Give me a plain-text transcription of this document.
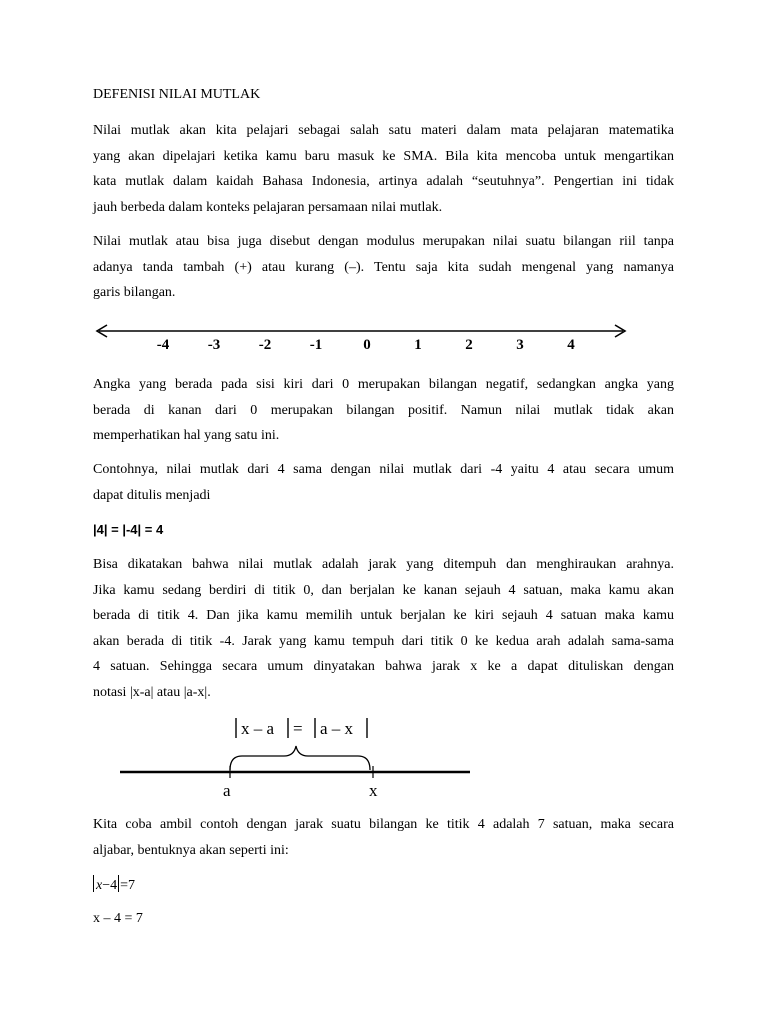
DEFENISI NILAI MUTLAK

Nilai mutlak akan kita pelajari sebagai salah satu materi dalam mata pelajaran matematika
yang akan dipelajari ketika kamu baru masuk ke SMA. Bila kita mencoba untuk mengartikan
kata mutlak dalam kaidah Bahasa Indonesia, artinya adalah “seutuhnya”. Pengertian ini tidak
jauh berbeda dalam konteks pelajaran persamaan nilai mutlak.

Nilai mutlak atau bisa juga disebut dengan modulus merupakan nilai suatu bilangan riil tanpa
adanya tanda tambah (+) atau kurang (–). Tentu saja kita sudah mengenal yang namanya
garis bilangan.

-4	-3	-2	-1	0	1	2	3	4

Angka yang berada pada sisi kiri dari 0 merupakan bilangan negatif, sedangkan angka yang
berada di kanan dari 0 merupakan bilangan positif. Namun nilai mutlak tidak akan
memperhatikan hal yang satu ini.

Contohnya, nilai mutlak dari 4 sama dengan nilai mutlak dari -4 yaitu 4 atau secara umum
dapat ditulis menjadi

|4| = |-4| = 4

Bisa dikatakan bahwa nilai mutlak adalah jarak yang ditempuh dan menghiraukan arahnya.
Jika kamu sedang berdiri di titik 0, dan berjalan ke kanan sejauh 4 satuan, maka kamu akan
berada di titik 4. Dan jika kamu memilih untuk berjalan ke kiri sejauh 4 satuan maka kamu
akan berada di titik -4. Jarak yang kamu tempuh dari titik 0 ke kedua arah adalah sama-sama
4 satuan. Sehingga secara umum dinyatakan bahwa jarak x ke a dapat dituliskan dengan
notasi |x-a| atau |a-x|.

x – a = a – x
a	x

Kita coba ambil contoh dengan jarak suatu bilangan ke titik 4 adalah 7 satuan, maka secara
aljabar, bentuknya akan seperti ini:

x−4 =7
x – 4 = 7
